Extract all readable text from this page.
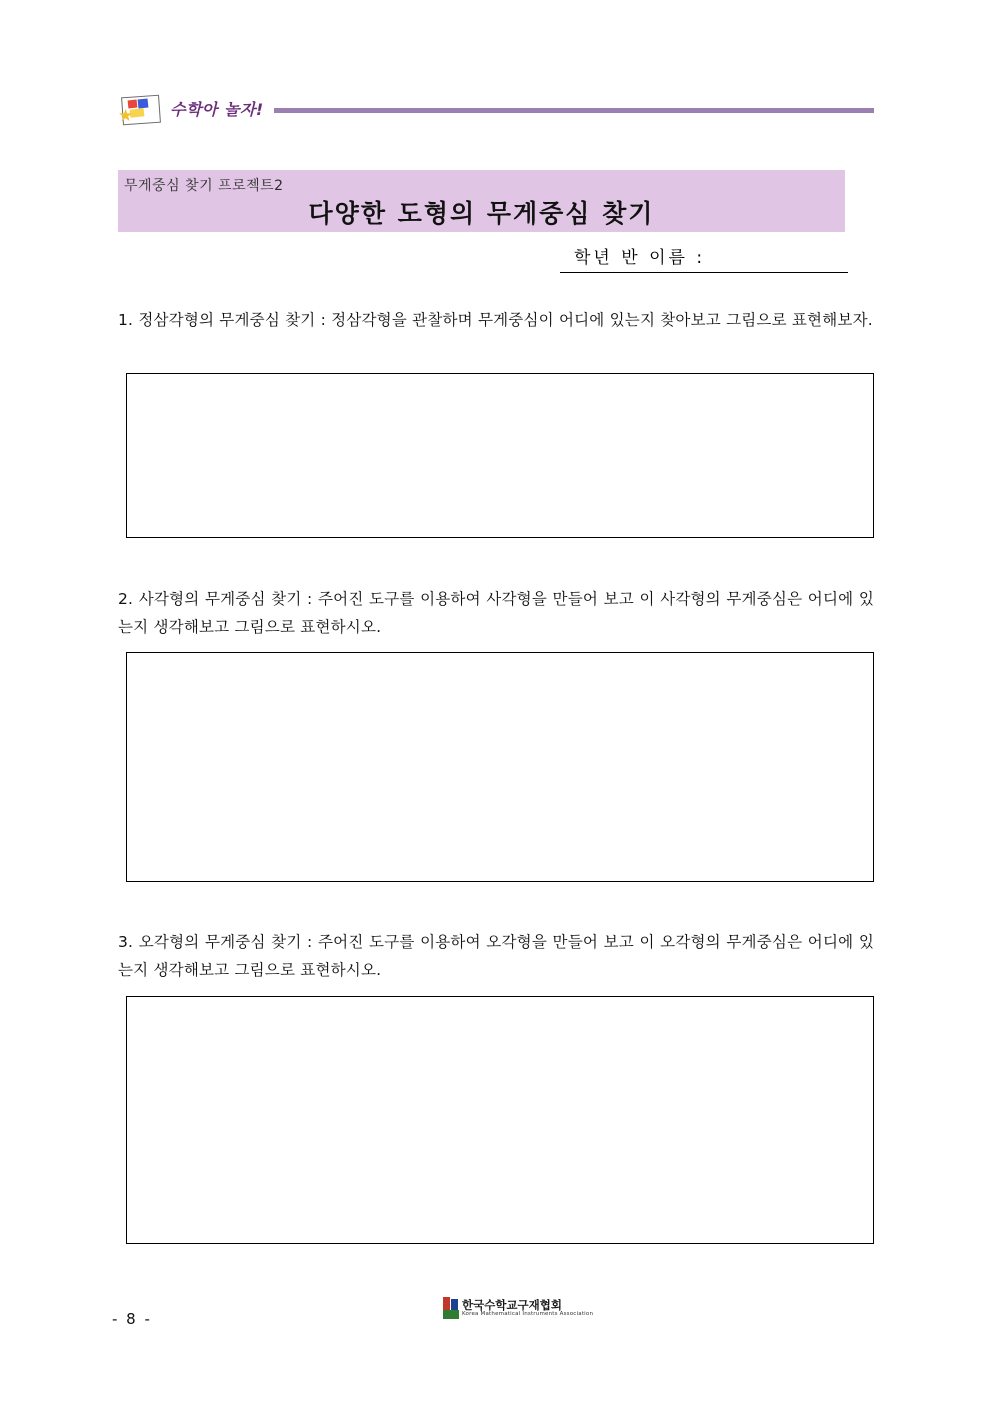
★ 수학아 놀자!
무게중심 찾기 프로젝트2
다양한 도형의 무게중심 찾기
학년 반 이름 :
1. 정삼각형의 무게중심 찾기 : 정삼각형을 관찰하며 무게중심이 어디에 있는지 찾아보고 그림으로 표현해보자.
2. 사각형의 무게중심 찾기 : 주어진 도구를 이용하여 사각형을 만들어 보고 이 사각형의 무게중심은 어디에 있는지 생각해보고 그림으로 표현하시오.
3. 오각형의 무게중심 찾기 : 주어진 도구를 이용하여 오각형을 만들어 보고 이 오각형의 무게중심은 어디에 있는지 생각해보고 그림으로 표현하시오.
- 8 -
한국수학교구재협회
Korea Mathematical Instruments Association
